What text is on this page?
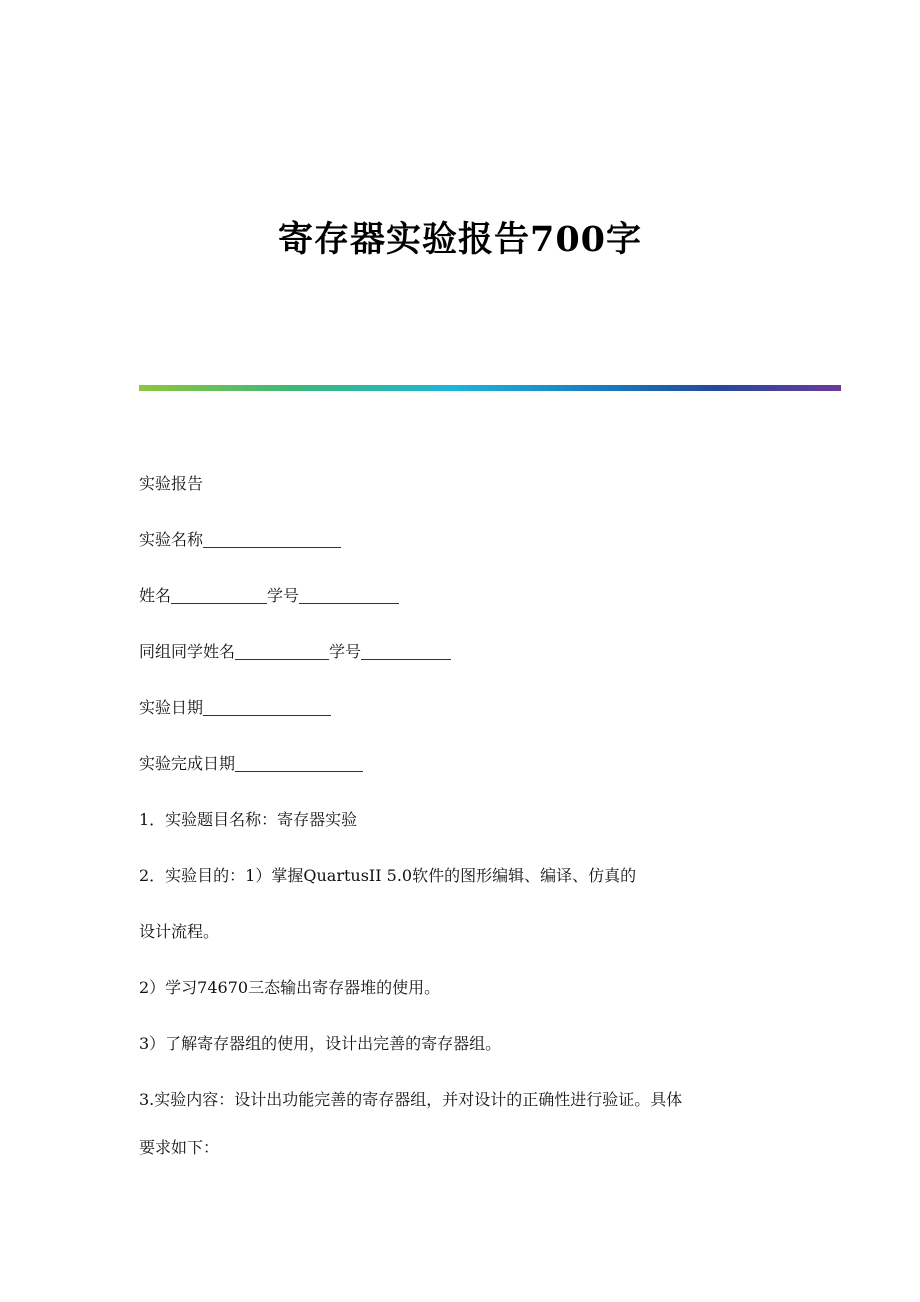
寄存器实验报告700字
实验报告
实验名称
姓名	学号
同组同学姓名	学号
实验日期
实验完成日期
1．实验题目名称：寄存器实验
2．实验目的：1）掌握QuartusII 5.0软件的图形编辑、编译、仿真的
设计流程。
2）学习74670三态输出寄存器堆的使用。
3）了解寄存器组的使用，设计出完善的寄存器组。
3.实验内容：设计出功能完善的寄存器组，并对设计的正确性进行验证。具体
要求如下：
